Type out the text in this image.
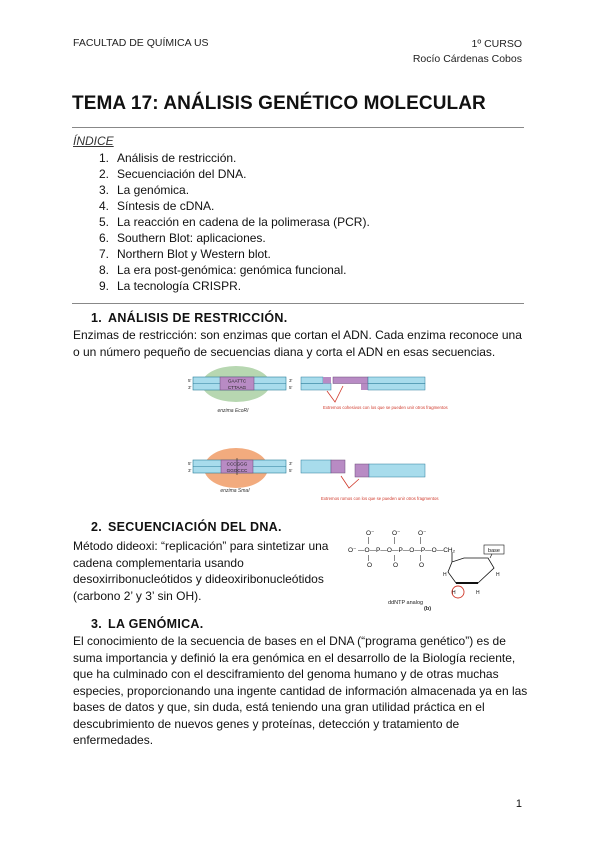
FACULTAD DE QUÍMICA US	1º CURSO
Rocío Cárdenas Cobos
TEMA 17: ANÁLISIS GENÉTICO MOLECULAR
ÍNDICE
1. Análisis de restricción.
2. Secuenciación del DNA.
3. La genómica.
4. Síntesis de cDNA.
5. La reacción en cadena de la polimerasa (PCR).
6. Southern Blot: aplicaciones.
7. Northern Blot y Western blot.
8. La era post-genómica: genómica funcional.
9. La tecnología CRISPR.
1. ANÁLISIS DE RESTRICCIÓN.
Enzimas de restricción: son enzimas que cortan el ADN. Cada enzima reconoce una o un número pequeño de secuencias diana y corta el ADN en esas secuencias.
GAATTC
CTTAAG
5'
3'
3'
5'
enzima EcoRI
Extremos cohesivos con los que se pueden unir otros fragmentos
CCCGGG
GGGCCC
5'
3'
3'
5'
enzima SmaI
Extremos romos con los que se pueden unir otros fragmentos
2. SECUENCIACIÓN DEL DNA.
Método dideoxi: “replicación” para sintetizar una cadena complementaria usando desoxirribonucleótidos y dideoxiribonucleótidos (carbono 2’ y 3’ sin OH).
O⁻	O⁻	O⁻
O⁻ —O—P—O—P—O—P—O—CH₂
O	O	O
base
H	H
H	H
ddNTP analog
(b)
3. LA GENÓMICA.
El conocimiento de la secuencia de bases en el DNA (“programa genético”) es de suma importancia y definió la era genómica en el desarrollo de la Biología reciente, que ha culminado con el desciframiento del genoma humano y de otras muchas especies, proporcionando una ingente cantidad de información almacenada ya en las bases de datos y que, sin duda, está teniendo una gran utilidad práctica en el descubrimiento de nuevos genes y proteínas, detección y tratamiento de enfermedades.
1
